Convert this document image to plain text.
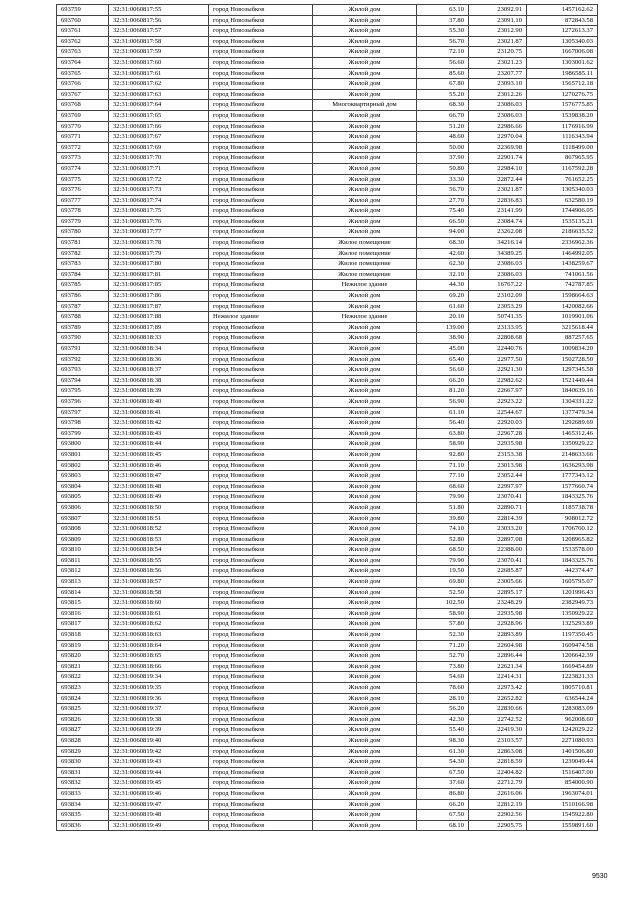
693759	32:31:0060817:55	город Новозыбков	Жилой дом	63.10	23092.91	1457162.62
693760	32:31:0060817:56	город Новозыбков	Жилой дом	37.80	23091.10	872843.58
693761	32:31:0060817:57	город Новозыбков	Жилой дом	55.30	23012.90	1272613.37
693762	32:31:0060817:58	город Новозыбков	Жилой дом	56.70	23021.87	1305340.03
693763	32:31:0060817:59	город Новозыбков	Жилой дом	72.10	23120.75	1667006.08
693764	32:31:0060817:60	город Новозыбков	Жилой дом	56.60	23021.23	1303001.62
693765	32:31:0060817:61	город Новозыбков	Жилой дом	85.60	23207.77	1986585.11
693766	32:31:0060817:62	город Новозыбков	Жилой дом	67.80	23093.10	1565712.18
693767	32:31:0060817:63	город Новозыбков	Жилой дом	55.20	23012.26	1270276.75
693768	32:31:0060817:64	город Новозыбков	Многоквартирный дом	68.30	23086.03	1576775.85
693769	32:31:0060817:65	город Новозыбков	Жилой дом	66.70	23086.03	1539838.20
693770	32:31:0060817:66	город Новозыбков	Жилой дом	51.20	22986.66	1176916.99
693771	32:31:0060817:67	город Новозыбков	Жилой дом	48.60	22970.04	1116343.94
693772	32:31:0060817:69	город Новозыбков	Жилой дом	50.00	22369.98	1118499.00
693773	32:31:0060817:70	город Новозыбков	Жилой дом	37.90	22901.74	867965.95
693774	32:31:0060817:71	город Новозыбков	Жилой дом	50.80	22984.10	1167592.28
693775	32:31:0060817:72	город Новозыбков	Жилой дом	33.30	22872.44	761652.25
693776	32:31:0060817:73	город Новозыбков	Жилой дом	56.70	23021.87	1305340.03
693777	32:31:0060817:74	город Новозыбков	Жилой дом	27.70	22836.83	632580.19
693778	32:31:0060817:75	город Новозыбков	Жилой дом	75.40	23141.99	1744906.05
693779	32:31:0060817:76	город Новозыбков	Жилой дом	66.50	23084.74	1535135.21
693780	32:31:0060817:77	город Новозыбков	Жилой дом	94.00	23262.08	2186635.52
693781	32:31:0060817:78	город Новозыбков	Жилое помещение	68.30	34216.14	2336962.36
693782	32:31:0060817:79	город Новозыбков	Жилое помещение	42.60	34389.25	1464992.05
693783	32:31:0060817:80	город Новозыбков	Жилое помещение	62.30	23086.03	1438259.67
693784	32:31:0060817:81	город Новозыбков	Жилое помещение	32.10	23086.03	741061.56
693785	32:31:0060817:85	город Новозыбков	Нежилое здание	44.30	16767.22	742787.85
693786	32:31:0060817:86	город Новозыбков	Жилой дом	69.20	23102.09	1598664.63
693787	32:31:0060817:87	город Новозыбков	Жилой дом	61.60	23053.29	1420082.66
693788	32:31:0060817:88	Нежилое здание	Нежилое здание	20.10	50741.35	1019901.06
693789	32:31:0060817:89	город Новозыбков	Жилой дом	139.00	23133.95	3215618.44
693790	32:31:0060818:33	город Новозыбков	Жилой дом	38.90	22808.68	887257.65
693791	32:31:0060818:34	город Новозыбков	Жилой дом	45.00	22440.76	1009834.20
693792	32:31:0060818:36	город Новозыбков	Жилой дом	65.40	22977.50	1502728.50
693793	32:31:0060818:37	город Новозыбков	Жилой дом	56.60	22921.30	1297345.58
693794	32:31:0060818:38	город Новозыбков	Жилой дом	66.20	22982.62	1521449.44
693795	32:31:0060818:39	город Новозыбков	Жилой дом	81.20	22667.97	1840639.16
693796	32:31:0060818:40	город Новозыбков	Жилой дом	56.90	22923.22	1304331.22
693797	32:31:0060818:41	город Новозыбков	Жилой дом	61.10	22544.67	1377479.34
693798	32:31:0060818:42	город Новозыбков	Жилой дом	56.40	22920.03	1292689.69
693799	32:31:0060818:43	город Новозыбков	Жилой дом	63.80	22967.28	1465312.46
693800	32:31:0060818:44	город Новозыбков	Жилой дом	58.90	22935.98	1350929.22
693801	32:31:0060818:45	город Новозыбков	Жилой дом	92.80	23153.38	2148633.66
693802	32:31:0060818:46	город Новозыбков	Жилой дом	71.10	23013.98	1636293.98
693803	32:31:0060818:47	город Новозыбков	Жилой дом	77.10	23052.44	1777343.12
693804	32:31:0060818:48	город Новозыбков	Жилой дом	68.60	22997.97	1577660.74
693805	32:31:0060818:49	город Новозыбков	Жилой дом	79.90	23070.41	1843325.76
693806	32:31:0060818:50	город Новозыбков	Жилой дом	51.80	22890.71	1185738.78
693807	32:31:0060818:51	город Новозыбков	Жилой дом	39.80	22814.39	908012.72
693808	32:31:0060818:52	город Новозыбков	Жилой дом	74.10	23033.20	1706760.12
693809	32:31:0060818:53	город Новозыбков	Жилой дом	52.80	22897.08	1208965.82
693810	32:31:0060818:54	город Новозыбков	Жилой дом	68.50	22388.00	1533578.00
693811	32:31:0060818:55	город Новозыбков	Жилой дом	79.90	23070.41	1843325.76
693812	32:31:0060818:56	город Новозыбков	Жилой дом	19.50	22685.87	442374.47
693813	32:31:0060818:57	город Новозыбков	Жилой дом	69.80	23005.66	1605795.07
693814	32:31:0060818:58	город Новозыбков	Жилой дом	52.50	22895.17	1201996.43
693815	32:31:0060818:60	город Новозыбков	Жилой дом	102.50	23248.29	2382949.73
693816	32:31:0060818:61	город Новозыбков	Жилой дом	58.90	22935.98	1350929.22
693817	32:31:0060818:62	город Новозыбков	Жилой дом	57.80	22928.96	1325293.89
693818	32:31:0060818:63	город Новозыбков	Жилой дом	52.30	22893.89	1197350.45
693819	32:31:0060818:64	город Новозыбков	Жилой дом	71.20	22604.98	1609474.58
693820	32:31:0060818:65	город Новозыбков	Жилой дом	52.70	22896.44	1206642.39
693821	32:31:0060818:66	город Новозыбков	Жилой дом	73.80	22621.34	1669454.89
693822	32:31:0060819:34	город Новозыбков	Жилой дом	54.60	22414.31	1223821.33
693823	32:31:0060819:35	город Новозыбков	Жилой дом	78.60	22973.42	1805710.81
693824	32:31:0060819:36	город Новозыбков	Жилой дом	28.10	22652.82	636544.24
693825	32:31:0060819:37	город Новозыбков	Жилой дом	56.20	22830.66	1283083.09
693826	32:31:0060819:38	город Новозыбков	Жилой дом	42.30	22742.52	962008.60
693827	32:31:0060819:39	город Новозыбков	Жилой дом	55.40	22419.30	1242029.22
693828	32:31:0060819:40	город Новозыбков	Жилой дом	98.30	23103.57	2271080.93
693829	32:31:0060819:42	город Новозыбков	Жилой дом	61.30	22863.08	1401506.80
693830	32:31:0060819:43	город Новозыбков	Жилой дом	54.30	22818.59	1239049.44
693831	32:31:0060819:44	город Новозыбков	Жилой дом	67.50	22404.82	1516407.00
693832	32:31:0060819:45	город Новозыбков	Жилой дом	37.60	22712.79	854000.90
693833	32:31:0060819:46	город Новозыбков	Жилой дом	86.80	22616.06	1963074.01
693834	32:31:0060819:47	город Новозыбков	Жилой дом	66.20	22812.19	1510166.98
693835	32:31:0060819:48	город Новозыбков	Жилой дом	67.50	22902.56	1545922.80
693836	32:31:0060819:49	город Новозыбков	Жилой дом	68.10	22905.75	1559891.60
9530
